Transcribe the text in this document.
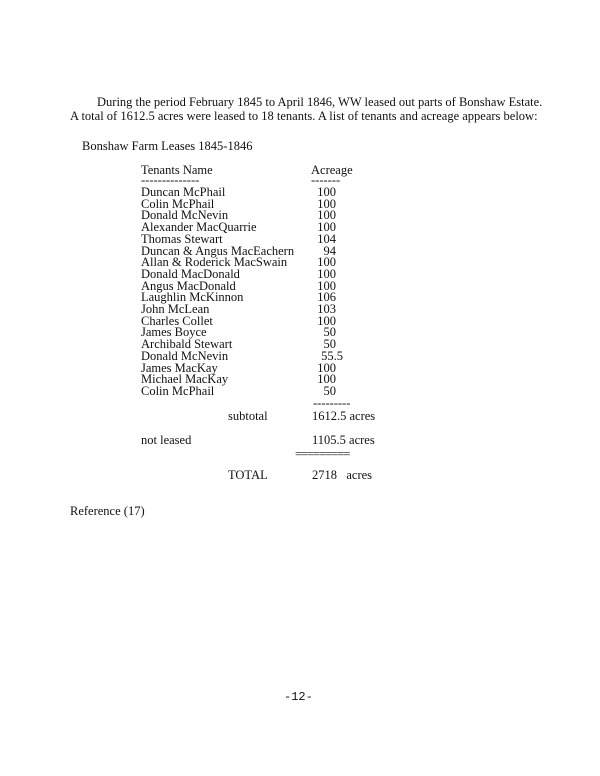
During the period February 1845 to April 1846, WW leased out parts of Bonshaw Estate.
A total of 1612.5 acres were leased to 18 tenants. A list of tenants and acreage appears below:
Bonshaw Farm Leases 1845-1846
Tenants Name	Acreage
--------------	-------
Duncan McPhail	100
Colin McPhail	100
Donald McNevin	100
Alexander MacQuarrie	100
Thomas Stewart	104
Duncan & Angus MacEachern	94
Allan & Roderick MacSwain	100
Donald MacDonald	100
Angus MacDonald	100
Laughlin McKinnon	106
John McLean	103
Charles Collet	100
James Boyce	50
Archibald Stewart	50
Donald McNevin	55.5
James MacKay	100
Michael MacKay	100
Colin McPhail	50
---------
subtotal	1612.5 acres
not leased	1105.5 acres
=========
TOTAL	2718   acres
Reference (17)
-12-
